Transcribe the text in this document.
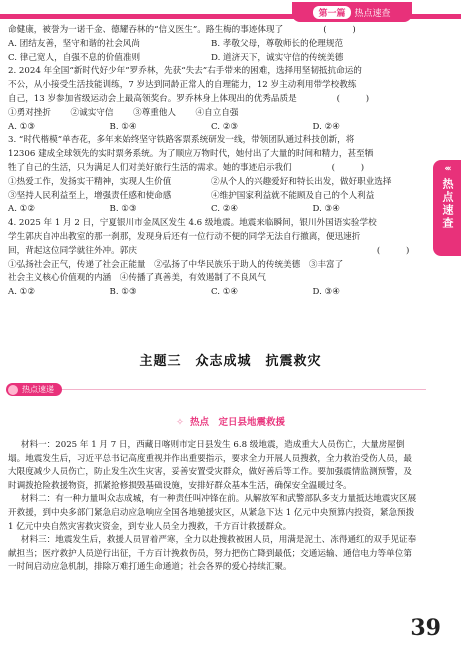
第一篇	热点速查
‹‹‹
热点速查

命健康，被誉为一诺千金、德耀吞林的“信义医生”。路生梅的事迹体现了	(　　　)

A. 团结友善，坚守和谐的社会风尚	B. 孝敬父母，尊敬师长的伦理规范
C. 律己宽人，自强不息的价值准则	D. 道济天下，诚实守信的传统美德

2. 2024 年全国“新时代好少年”罗乔林，先获“失去”右手带来的困难，选择用坚韧抵抗命运的

不公，从小接受生活技能训练，7 岁达到同龄正常人的自理能力，12 岁主动利用带学校教练

自己，13 岁参加省级运动会上最高领奖台。罗乔林身上体现出的优秀品质是	(　　　)

①勇对挫折	②诚实守信	③尊重他人	④自立自强
A. ①③	B. ①④	C. ②③	D. ②④

3. “时代楷模”单杏花，多年来始终坚守铁路客票系统研发一线，带领团队通过科技创新，将

12306 建成全球领先的实时票务系统。为了顺应万物时代，她付出了大量的时间和精力，甚至牺

牲了自己的生活，只为满足人们对美好旅行生活的需求。她的事迹启示我们	(　　　)

①热爱工作，发扬实干精神，实现人生价值	②从个人的兴趣爱好和特长出发，做好职业选择
③坚持人民利益至上，增强责任感和使命感	④维护国家利益就不能顾及自己的个人利益
A. ①②	B. ①③	C. ②④	D. ③④

4. 2025 年 1 月 2 日，宁夏银川市金凤区发生 4.6 级地震。地震来临瞬间，银川外国语实验学校

学生郭庆自冲出教室的那一刹那，发现身后还有一位行动不便的同学无法自行撤离，便迅速折

回，背起这位同学就往外冲。郭庆	(　　　)

①弘扬社会正气，传递了社会正能量　 ②弘扬了中华民族乐于助人的传统美德　 ③丰富了

社会主义核心价值观的内涵　 ④传播了真善美，有效遏制了不良风气

A. ①②	B. ①③	C. ①④	D. ③④
主题三　众志成城　抗震救灾
热点速递
✧ 热点　定日县地震救援

材料一：2025 年 1 月 7 日，西藏日喀则市定日县发生 6.8 级地震，造成重大人员伤亡，大量房屋倒塌。地震发生后，习近平总书记高度重视并作出重要指示，要求全力开展人员搜救，全力救治受伤人员，最大限度减少人员伤亡，防止发生次生灾害，妥善安置受灾群众，做好善后等工作。要加强震情监测预警，及时调拨抢险救援物资，抓紧抢修损毁基础设施，安排好群众基本生活，确保安全温暖过冬。

材料二：有一种力量叫众志成城，有一种责任叫冲锋在前。从解放军和武警部队多支力量抵达地震灾区展开救援，到中央多部门紧急启动应急响应全国各地驰援灾区，从紧急下达 1 亿元中央预算内投资，紧急预拨 1 亿元中央自然灾害救灾资金，到专业人员全力搜救，千方百计救援群众。

材料三：地震发生后，救援人员冒着严寒，全力以赴搜救被困人员，用满是泥土、冻得通红的双手见证奉献担当；医疗救护人员逆行出征，千方百计挽救伤员，努力把伤亡降到最低；交通运输、通信电力等单位第一时间启动应急机制，排除万难打通生命通道；社会各界的爱心持续汇聚。

39
